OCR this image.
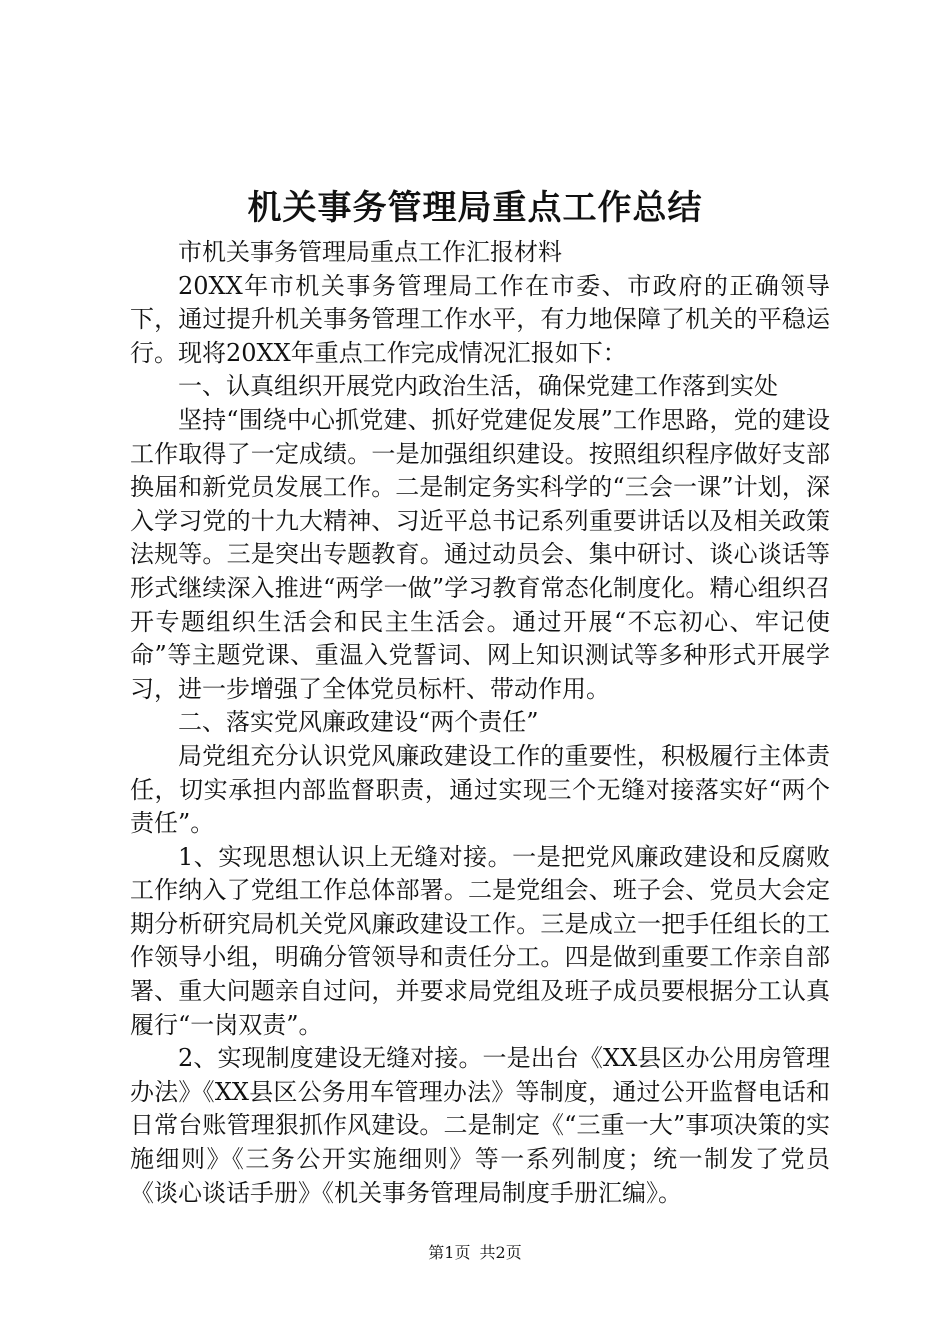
机关事务管理局重点工作总结

市机关事务管理局重点工作汇报材料

20XX年市机关事务管理局工作在市委、市政府的正确领导下，通过提升机关事务管理工作水平，有力地保障了机关的平稳运行。现将20XX年重点工作完成情况汇报如下：

一、认真组织开展党内政治生活，确保党建工作落到实处

坚持“围绕中心抓党建、抓好党建促发展”工作思路，党的建设工作取得了一定成绩。一是加强组织建设。按照组织程序做好支部换届和新党员发展工作。二是制定务实科学的“三会一课”计划，深入学习党的十九大精神、习近平总书记系列重要讲话以及相关政策法规等。三是突出专题教育。通过动员会、集中研讨、谈心谈话等形式继续深入推进“两学一做”学习教育常态化制度化。精心组织召开专题组织生活会和民主生活会。通过开展“不忘初心、牢记使命”等主题党课、重温入党誓词、网上知识测试等多种形式开展学习，进一步增强了全体党员标杆、带动作用。

二、落实党风廉政建设“两个责任”

局党组充分认识党风廉政建设工作的重要性，积极履行主体责任，切实承担内部监督职责，通过实现三个无缝对接落实好“两个责任”。

1、实现思想认识上无缝对接。一是把党风廉政建设和反腐败工作纳入了党组工作总体部署。二是党组会、班子会、党员大会定期分析研究局机关党风廉政建设工作。三是成立一把手任组长的工作领导小组，明确分管领导和责任分工。四是做到重要工作亲自部署、重大问题亲自过问，并要求局党组及班子成员要根据分工认真履行“一岗双责”。

2、实现制度建设无缝对接。一是出台《XX县区办公用房管理办法》《XX县区公务用车管理办法》等制度，通过公开监督电话和日常台账管理狠抓作风建设。二是制定《“三重一大”事项决策的实施细则》《三务公开实施细则》等一系列制度；统一制发了党员《谈心谈话手册》《机关事务管理局制度手册汇编》。

第1页 共2页
